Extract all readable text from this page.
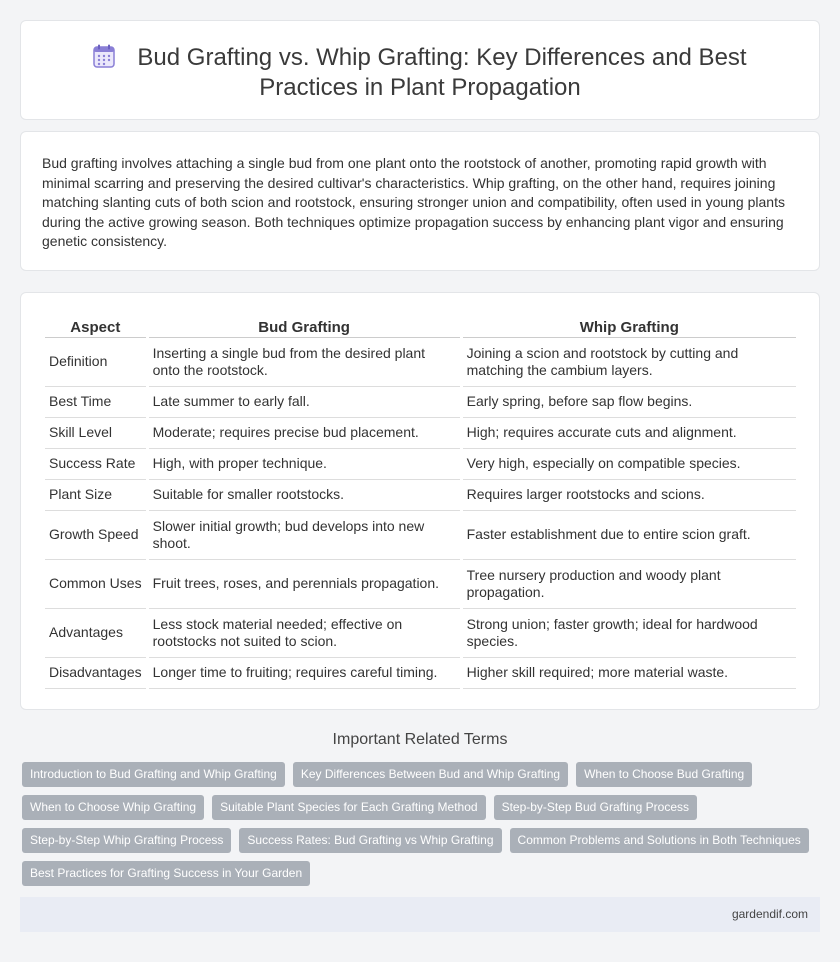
Bud Grafting vs. Whip Grafting: Key Differences and Best Practices in Plant Propagation

Bud grafting involves attaching a single bud from one plant onto the rootstock of another, promoting rapid growth with minimal scarring and preserving the desired cultivar's characteristics. Whip grafting, on the other hand, requires joining matching slanting cuts of both scion and rootstock, ensuring stronger union and compatibility, often used in young plants during the active growing season. Both techniques optimize propagation success by enhancing plant vigor and ensuring genetic consistency.

Aspect	Bud Grafting	Whip Grafting
Definition	Inserting a single bud from the desired plant onto the rootstock.	Joining a scion and rootstock by cutting and matching the cambium layers.
Best Time	Late summer to early fall.	Early spring, before sap flow begins.
Skill Level	Moderate; requires precise bud placement.	High; requires accurate cuts and alignment.
Success Rate	High, with proper technique.	Very high, especially on compatible species.
Plant Size	Suitable for smaller rootstocks.	Requires larger rootstocks and scions.
Growth Speed	Slower initial growth; bud develops into new shoot.	Faster establishment due to entire scion graft.
Common Uses	Fruit trees, roses, and perennials propagation.	Tree nursery production and woody plant propagation.
Advantages	Less stock material needed; effective on rootstocks not suited to scion.	Strong union; faster growth; ideal for hardwood species.
Disadvantages	Longer time to fruiting; requires careful timing.	Higher skill required; more material waste.
Important Related Terms
Introduction to Bud Grafting and Whip Grafting	Key Differences Between Bud and Whip Grafting	When to Choose Bud Grafting
When to Choose Whip Grafting	Suitable Plant Species for Each Grafting Method	Step-by-Step Bud Grafting Process
Step-by-Step Whip Grafting Process	Success Rates: Bud Grafting vs Whip Grafting	Common Problems and Solutions in Both Techniques
Best Practices for Grafting Success in Your Garden
gardendif.com
